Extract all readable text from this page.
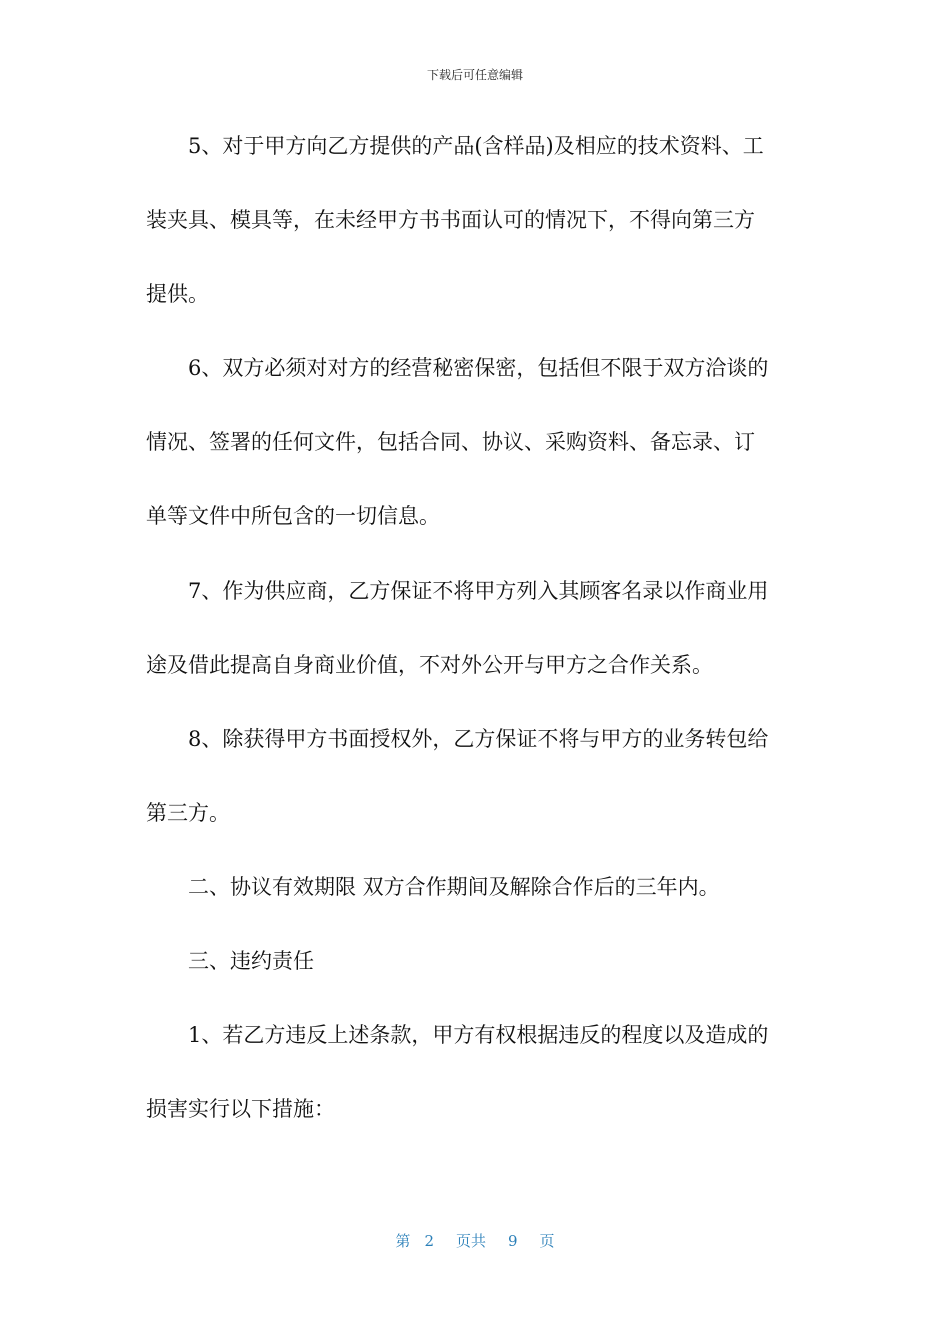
下载后可任意编辑
5、对于甲方向乙方提供的产品(含样品)及相应的技术资料、工
装夹具、模具等，在未经甲方书书面认可的情况下，不得向第三方
提供。
6、双方必须对对方的经营秘密保密，包括但不限于双方洽谈的
情况、签署的任何文件，包括合同、协议、采购资料、备忘录、订
单等文件中所包含的一切信息。
7、作为供应商，乙方保证不将甲方列入其顾客名录以作商业用
途及借此提高自身商业价值，不对外公开与甲方之合作关系。
8、除获得甲方书面授权外，乙方保证不将与甲方的业务转包给
第三方。
二、协议有效期限 双方合作期间及解除合作后的三年内。
三、违约责任
1、若乙方违反上述条款，甲方有权根据违反的程度以及造成的
损害实行以下措施：
第 2 页共 9 页
